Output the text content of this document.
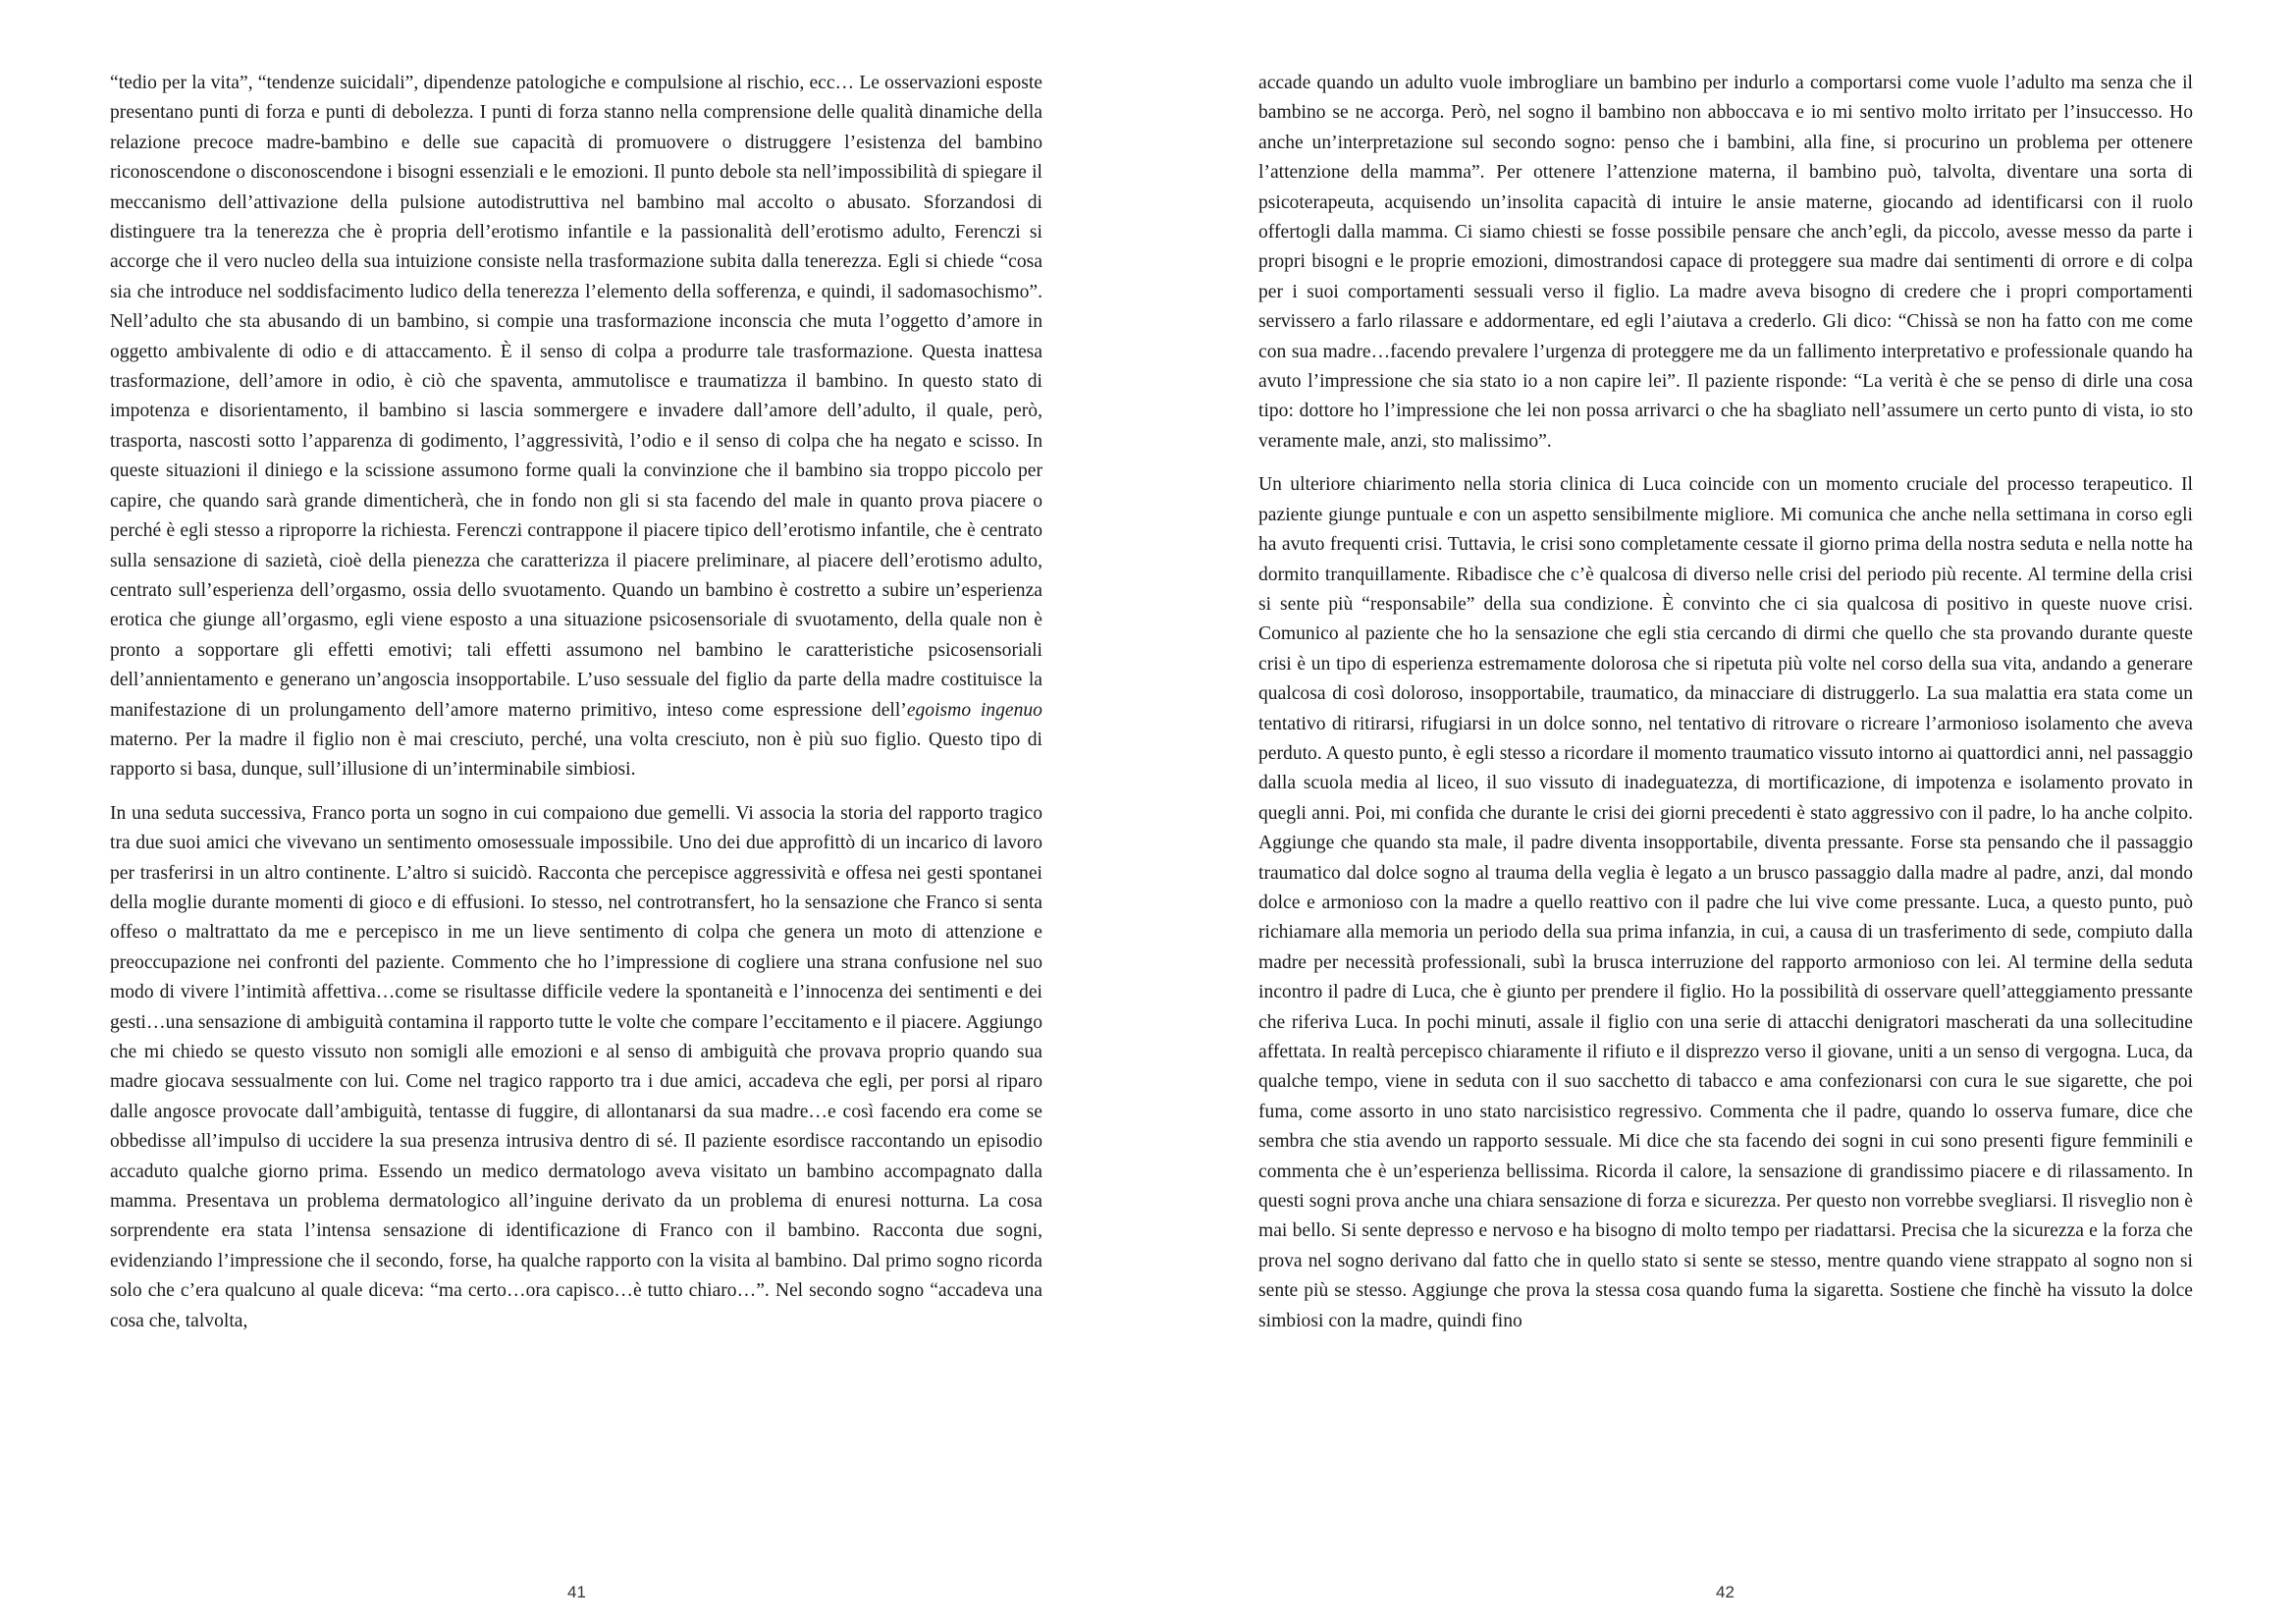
“tedio per la vita”, “tendenze suicidali”, dipendenze patologiche e compulsione al rischio, ecc… Le osservazioni esposte presentano punti di forza e punti di debolezza. I punti di forza stanno nella comprensione delle qualità dinamiche della relazione precoce madre-bambino e delle sue capacità di promuovere o distruggere l’esistenza del bambino riconoscendone o disconoscendone i bisogni essenziali e le emozioni. Il punto debole sta nell’impossibilità di spiegare il meccanismo dell’attivazione della pulsione autodistruttiva nel bambino mal accolto o abusato. Sforzandosi di distinguere tra la tenerezza che è propria dell’erotismo infantile e la passionalità dell’erotismo adulto, Ferenczi si accorge che il vero nucleo della sua intuizione consiste nella trasformazione subita dalla tenerezza. Egli si chiede “cosa sia che introduce nel soddisfacimento ludico della tenerezza l’elemento della sofferenza, e quindi, il sadomasochismo”. Nell’adulto che sta abusando di un bambino, si compie una trasformazione inconscia che muta l’oggetto d’amore in oggetto ambivalente di odio e di attaccamento. È il senso di colpa a produrre tale trasformazione. Questa inattesa trasformazione, dell’amore in odio, è ciò che spaventa, ammutolisce e traumatizza il bambino. In questo stato di impotenza e disorientamento, il bambino si lascia sommergere e invadere dall’amore dell’adulto, il quale, però, trasporta, nascosti sotto l’apparenza di godimento, l’aggressività, l’odio e il senso di colpa che ha negato e scisso. In queste situazioni il diniego e la scissione assumono forme quali la convinzione che il bambino sia troppo piccolo per capire, che quando sarà grande dimenticherà, che in fondo non gli si sta facendo del male in quanto prova piacere o perché è egli stesso a riproporre la richiesta. Ferenczi contrappone il piacere tipico dell’erotismo infantile, che è centrato sulla sensazione di sazietà, cioè della pienezza che caratterizza il piacere preliminare, al piacere dell’erotismo adulto, centrato sull’esperienza dell’orgasmo, ossia dello svuotamento. Quando un bambino è costretto a subire un’esperienza erotica che giunge all’orgasmo, egli viene esposto a una situazione psicosensoriale di svuotamento, della quale non è pronto a sopportare gli effetti emotivi; tali effetti assumono nel bambino le caratteristiche psicosensoriali dell’annientamento e generano un’angoscia insopportabile. L’uso sessuale del figlio da parte della madre costituisce la manifestazione di un prolungamento dell’amore materno primitivo, inteso come espressione dell’egoismo ingenuo materno. Per la madre il figlio non è mai cresciuto, perché, una volta cresciuto, non è più suo figlio. Questo tipo di rapporto si basa, dunque, sull’illusione di un’interminabile simbiosi.

In una seduta successiva, Franco porta un sogno in cui compaiono due gemelli. Vi associa la storia del rapporto tragico tra due suoi amici che vivevano un sentimento omosessuale impossibile. Uno dei due approfittò di un incarico di lavoro per trasferirsi in un altro continente. L’altro si suicidò. Racconta che percepisce aggressività e offesa nei gesti spontanei della moglie durante momenti di gioco e di effusioni. Io stesso, nel controtransfert, ho la sensazione che Franco si senta offeso o maltrattato da me e percepisco in me un lieve sentimento di colpa che genera un moto di attenzione e preoccupazione nei confronti del paziente. Commento che ho l’impressione di cogliere una strana confusione nel suo modo di vivere l’intimità affettiva…come se risultasse difficile vedere la spontaneità e l’innocenza dei sentimenti e dei gesti…una sensazione di ambiguità contamina il rapporto tutte le volte che compare l’eccitamento e il piacere. Aggiungo che mi chiedo se questo vissuto non somigli alle emozioni e al senso di ambiguità che provava proprio quando sua madre giocava sessualmente con lui. Come nel tragico rapporto tra i due amici, accadeva che egli, per porsi al riparo dalle angosce provocate dall’ambiguità, tentasse di fuggire, di allontanarsi da sua madre…e così facendo era come se obbedisse all’impulso di uccidere la sua presenza intrusiva dentro di sé. Il paziente esordisce raccontando un episodio accaduto qualche giorno prima. Essendo un medico dermatologo aveva visitato un bambino accompagnato dalla mamma. Presentava un problema dermatologico all’inguine derivato da un problema di enuresi notturna. La cosa sorprendente era stata l’intensa sensazione di identificazione di Franco con il bambino. Racconta due sogni, evidenziando l’impressione che il secondo, forse, ha qualche rapporto con la visita al bambino. Dal primo sogno ricorda solo che c’era qualcuno al quale diceva: “ma certo…ora capisco…è tutto chiaro…”. Nel secondo sogno “accadeva una cosa che, talvolta,

41

accade quando un adulto vuole imbrogliare un bambino per indurlo a comportarsi come vuole l’adulto ma senza che il bambino se ne accorga. Però, nel sogno il bambino non abboccava e io mi sentivo molto irritato per l’insuccesso. Ho anche un’interpretazione sul secondo sogno: penso che i bambini, alla fine, si procurino un problema per ottenere l’attenzione della mamma”. Per ottenere l’attenzione materna, il bambino può, talvolta, diventare una sorta di psicoterapeuta, acquisendo un’insolita capacità di intuire le ansie materne, giocando ad identificarsi con il ruolo offertogli dalla mamma. Ci siamo chiesti se fosse possibile pensare che anch’egli, da piccolo, avesse messo da parte i propri bisogni e le proprie emozioni, dimostrandosi capace di proteggere sua madre dai sentimenti di orrore e di colpa per i suoi comportamenti sessuali verso il figlio. La madre aveva bisogno di credere che i propri comportamenti servissero a farlo rilassare e addormentare, ed egli l’aiutava a crederlo. Gli dico: “Chissà se non ha fatto con me come con sua madre…facendo prevalere l’urgenza di proteggere me da un fallimento interpretativo e professionale quando ha avuto l’impressione che sia stato io a non capire lei”. Il paziente risponde: “La verità è che se penso di dirle una cosa tipo: dottore ho l’impressione che lei non possa arrivarci o che ha sbagliato nell’assumere un certo punto di vista, io sto veramente male, anzi, sto malissimo”.

Un ulteriore chiarimento nella storia clinica di Luca coincide con un momento cruciale del processo terapeutico. Il paziente giunge puntuale e con un aspetto sensibilmente migliore. Mi comunica che anche nella settimana in corso egli ha avuto frequenti crisi. Tuttavia, le crisi sono completamente cessate il giorno prima della nostra seduta e nella notte ha dormito tranquillamente. Ribadisce che c’è qualcosa di diverso nelle crisi del periodo più recente. Al termine della crisi si sente più “responsabile” della sua condizione. È convinto che ci sia qualcosa di positivo in queste nuove crisi. Comunico al paziente che ho la sensazione che egli stia cercando di dirmi che quello che sta provando durante queste crisi è un tipo di esperienza estremamente dolorosa che si ripetuta più volte nel corso della sua vita, andando a generare qualcosa di così doloroso, insopportabile, traumatico, da minacciare di distruggerlo. La sua malattia era stata come un tentativo di ritirarsi, rifugiarsi in un dolce sonno, nel tentativo di ritrovare o ricreare l’armonioso isolamento che aveva perduto. A questo punto, è egli stesso a ricordare il momento traumatico vissuto intorno ai quattordici anni, nel passaggio dalla scuola media al liceo, il suo vissuto di inadeguatezza, di mortificazione, di impotenza e isolamento provato in quegli anni. Poi, mi confida che durante le crisi dei giorni precedenti è stato aggressivo con il padre, lo ha anche colpito. Aggiunge che quando sta male, il padre diventa insopportabile, diventa pressante. Forse sta pensando che il passaggio traumatico dal dolce sogno al trauma della veglia è legato a un brusco passaggio dalla madre al padre, anzi, dal mondo dolce e armonioso con la madre a quello reattivo con il padre che lui vive come pressante. Luca, a questo punto, può richiamare alla memoria un periodo della sua prima infanzia, in cui, a causa di un trasferimento di sede, compiuto dalla madre per necessità professionali, subì la brusca interruzione del rapporto armonioso con lei. Al termine della seduta incontro il padre di Luca, che è giunto per prendere il figlio. Ho la possibilità di osservare quell’atteggiamento pressante che riferiva Luca. In pochi minuti, assale il figlio con una serie di attacchi denigratori mascherati da una sollecitudine affettata. In realtà percepisco chiaramente il rifiuto e il disprezzo verso il giovane, uniti a un senso di vergogna. Luca, da qualche tempo, viene in seduta con il suo sacchetto di tabacco e ama confezionarsi con cura le sue sigarette, che poi fuma, come assorto in uno stato narcisistico regressivo. Commenta che il padre, quando lo osserva fumare, dice che sembra che stia avendo un rapporto sessuale. Mi dice che sta facendo dei sogni in cui sono presenti figure femminili e commenta che è un’esperienza bellissima. Ricorda il calore, la sensazione di grandissimo piacere e di rilassamento. In questi sogni prova anche una chiara sensazione di forza e sicurezza. Per questo non vorrebbe svegliarsi. Il risveglio non è mai bello. Si sente depresso e nervoso e ha bisogno di molto tempo per riadattarsi. Precisa che la sicurezza e la forza che prova nel sogno derivano dal fatto che in quello stato si sente se stesso, mentre quando viene strappato al sogno non si sente più se stesso. Aggiunge che prova la stessa cosa quando fuma la sigaretta. Sostiene che finchè ha vissuto la dolce simbiosi con la madre, quindi fino

42
